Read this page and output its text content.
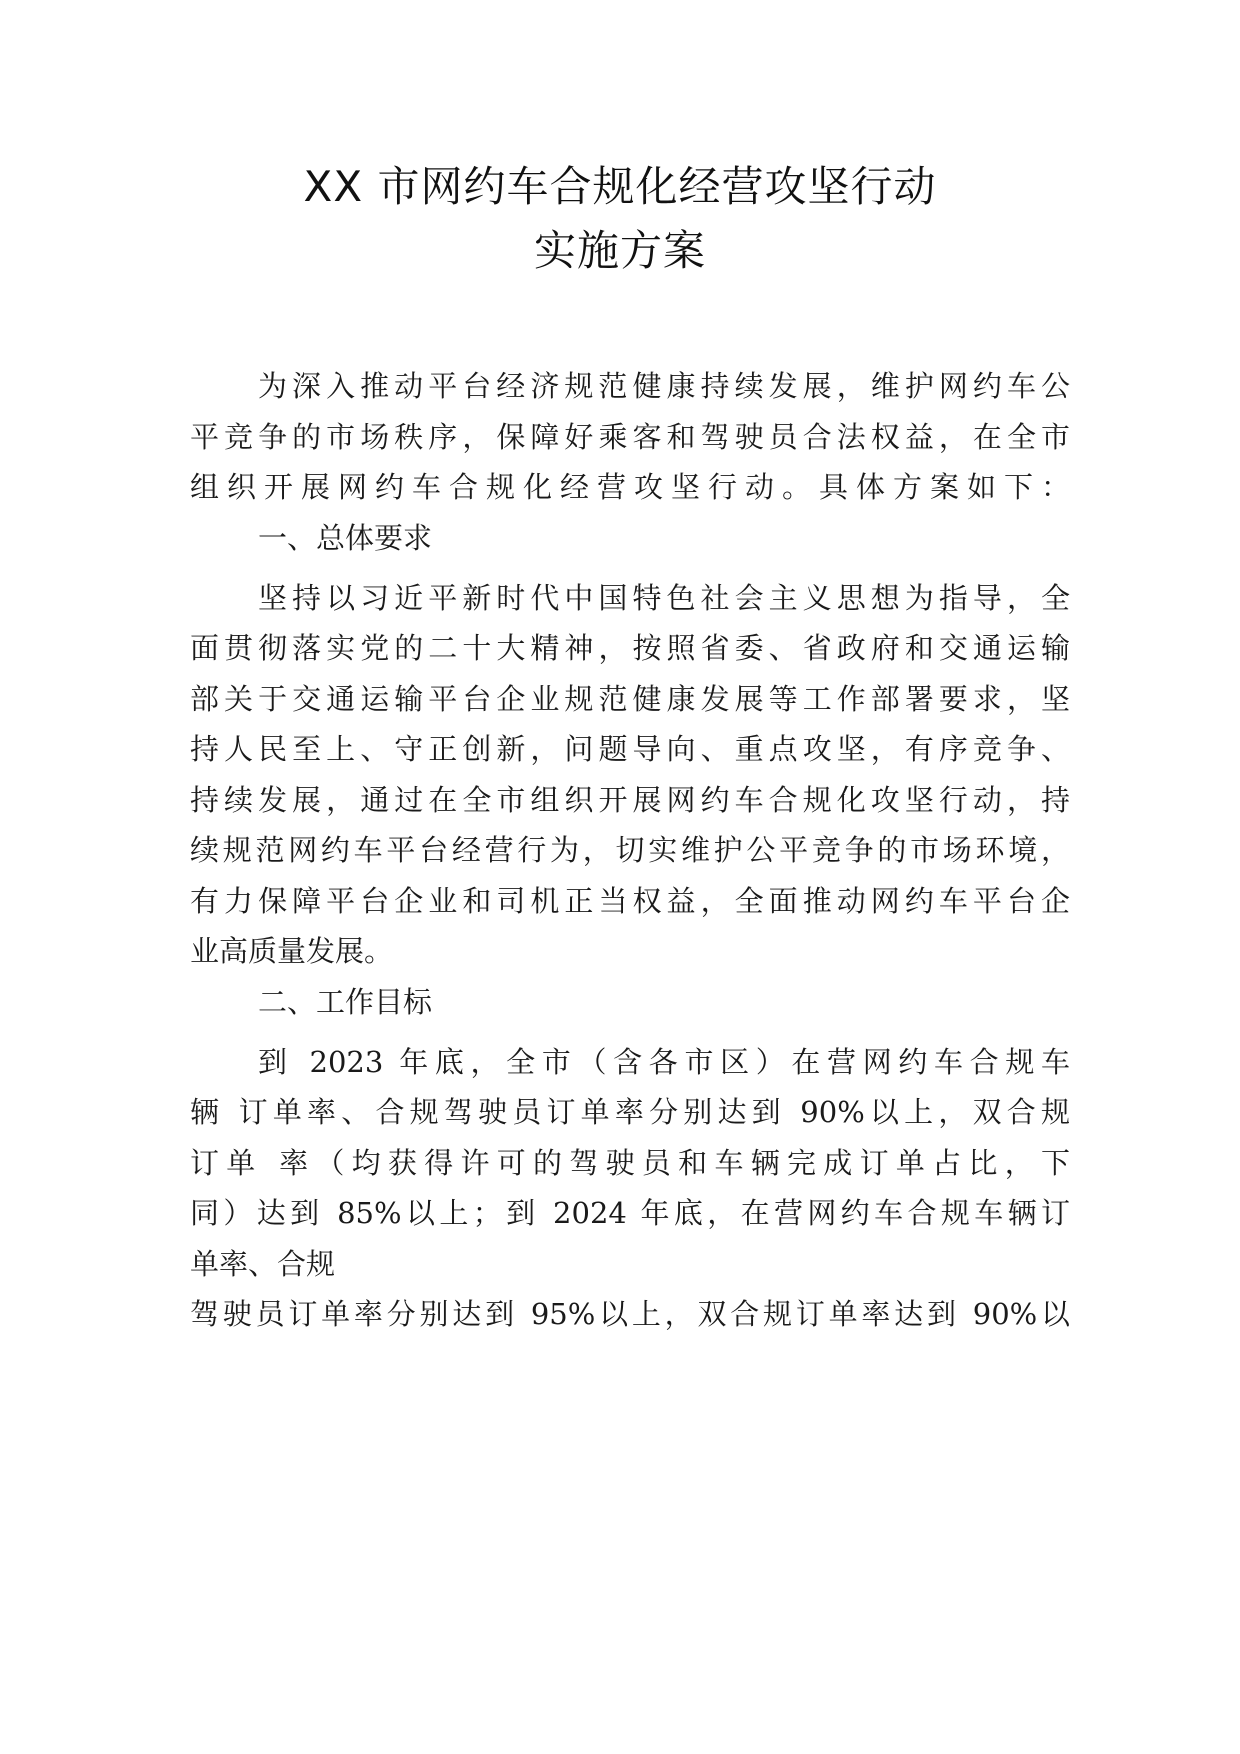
XX 市网约车合规化经营攻坚行动
实施方案
为深入推动平台经济规范健康持续发展，维护网约车公
平竞争的市场秩序，保障好乘客和驾驶员合法权益，在全市
组织开展网约车合规化经营攻坚行动。具体方案如下：
一、总体要求
坚持以习近平新时代中国特色社会主义思想为指导，全
面贯彻落实党的二十大精神，按照省委、省政府和交通运输
部关于交通运输平台企业规范健康发展等工作部署要求，坚
持人民至上、守正创新，问题导向、重点攻坚，有序竞争、
持续发展，通过在全市组织开展网约车合规化攻坚行动，持
续规范网约车平台经营行为，切实维护公平竞争的市场环境，
有力保障平台企业和司机正当权益，全面推动网约车平台企
业高质量发展。
二、工作目标
到 2023 年底，全市（含各市区）在营网约车合规车
辆 订单率、合规驾驶员订单率分别达到 90%以上，双合规
订单 率（均获得许可的驾驶员和车辆完成订单占比，下
同）达到 85%以上；到 2024 年底，在营网约车合规车辆订
单率、合规
驾驶员订单率分别达到 95%以上，双合规订单率达到 90%以
